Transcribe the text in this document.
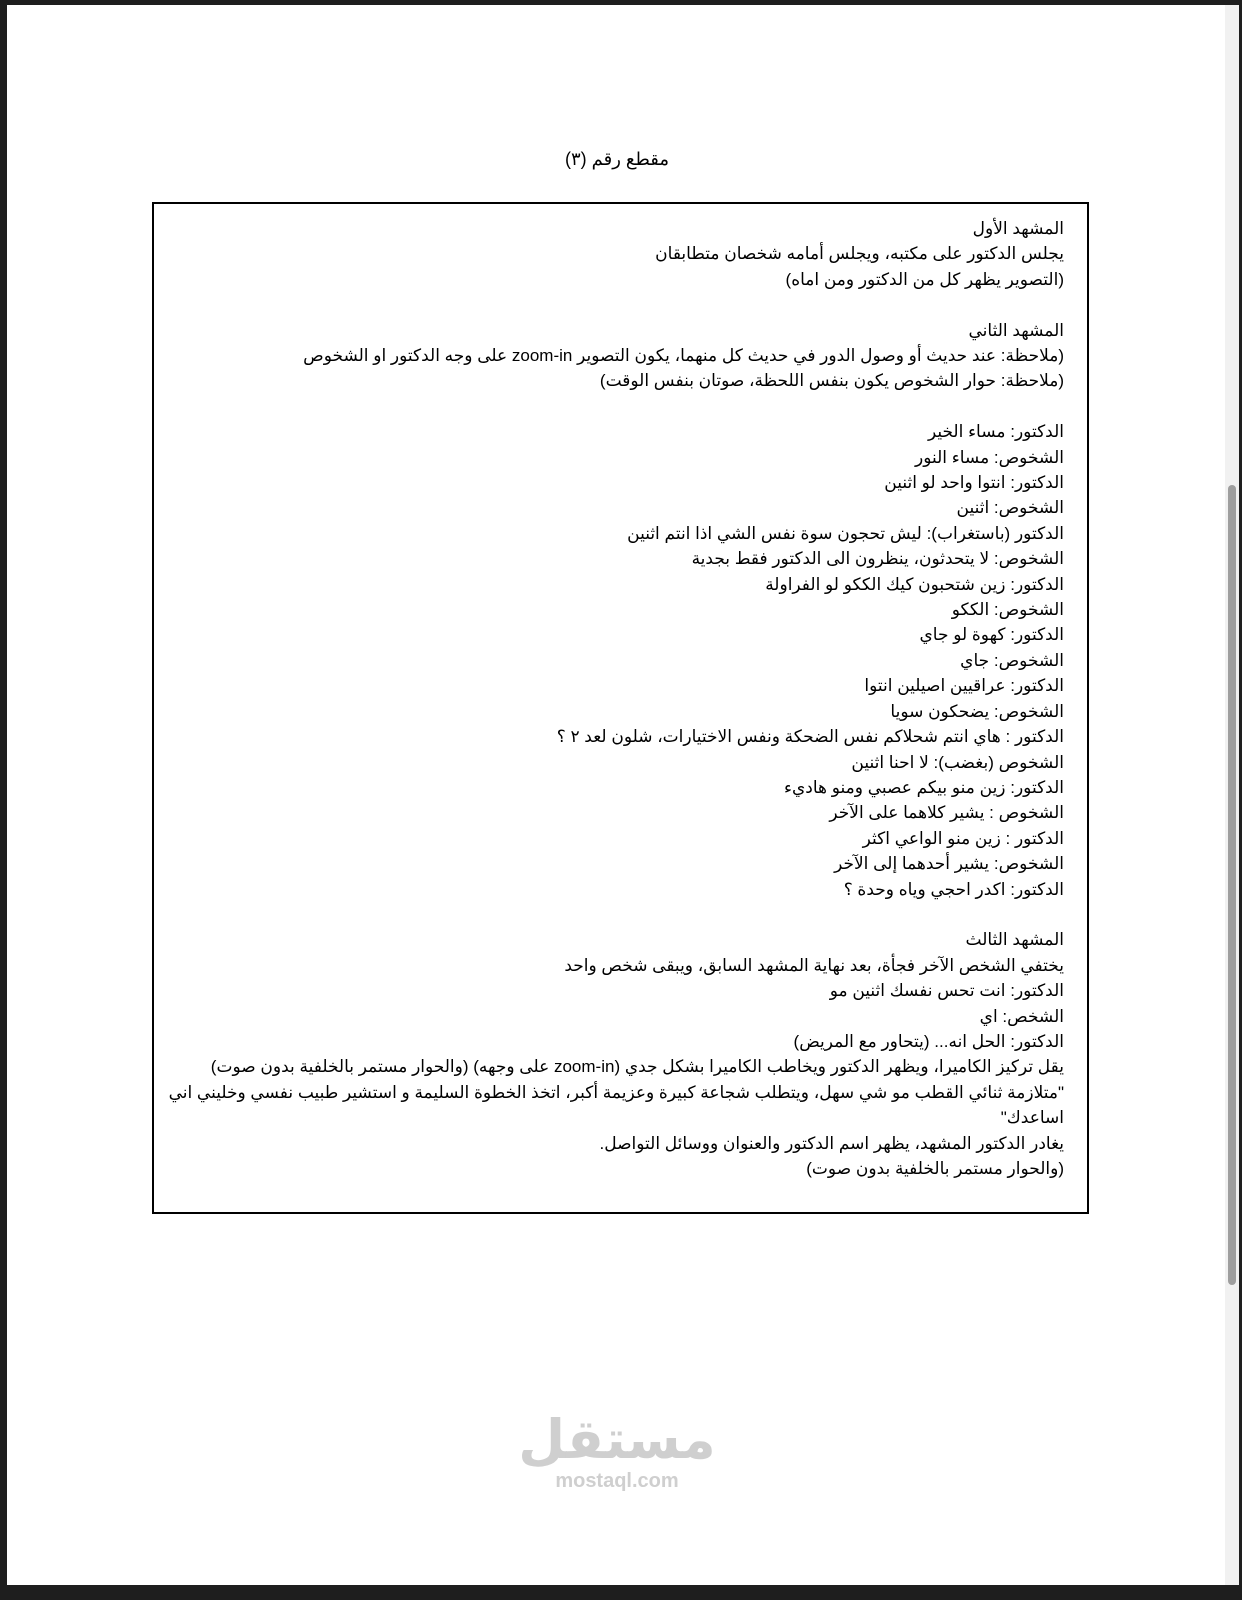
مقطع رقم (٣)
المشهد الأول
يجلس الدكتور على مكتبه، ويجلس أمامه شخصان متطابقان
(التصوير يظهر كل من الدكتور ومن اماه)
المشهد الثاني
(ملاحظة: عند حديث أو وصول الدور في حديث كل منهما، يكون التصوير zoom-in على وجه الدكتور او الشخوص
(ملاحظة: حوار الشخوص يكون بنفس اللحظة، صوتان بنفس الوقت)
الدكتور: مساء الخير
الشخوص: مساء النور
الدكتور: انتوا واحد لو اثنين
الشخوص: اثنين
الدكتور (باستغراب): ليش تحجون سوة نفس الشي اذا انتم اثنين
الشخوص: لا يتحدثون، ينظرون الى الدكتور فقط بجدية
الدكتور: زين شتحبون كيك الككو لو الفراولة
الشخوص: الككو
الدكتور: كهوة لو جاي
الشخوص: جاي
الدكتور: عراقيين اصيلين انتوا
الشخوص: يضحكون سويا
الدكتور : هاي انتم شحلاكم نفس الضحكة ونفس الاختيارات، شلون لعد ٢ ؟
الشخوص (بغضب): لا احنا اثنين
الدكتور: زين منو بيكم عصبي ومنو هاديء
الشخوص : يشير كلاهما على الآخر
الدكتور : زين منو الواعي اكثر
الشخوص: يشير أحدهما إلى الآخر
الدكتور: اكدر احجي وياه وحدة ؟
المشهد الثالث
يختفي الشخص الآخر فجأة، بعد نهاية المشهد السابق، ويبقى شخص واحد
الدكتور: انت تحس نفسك اثنين مو
الشخص: اي
الدكتور: الحل انه... (يتحاور مع المريض)
يقل تركيز الكاميرا، ويظهر الدكتور ويخاطب الكاميرا بشكل جدي (zoom-in على وجهه) (والحوار مستمر بالخلفية بدون صوت)
"متلازمة ثنائي القطب مو شي سهل، ويتطلب شجاعة كبيرة وعزيمة أكبر، اتخذ الخطوة السليمة و استشير طبيب نفسي وخليني اني اساعدك"
يغادر الدكتور المشهد، يظهر اسم الدكتور والعنوان ووسائل التواصل.
(والحوار مستمر بالخلفية بدون صوت)
مستقل
mostaql.com
